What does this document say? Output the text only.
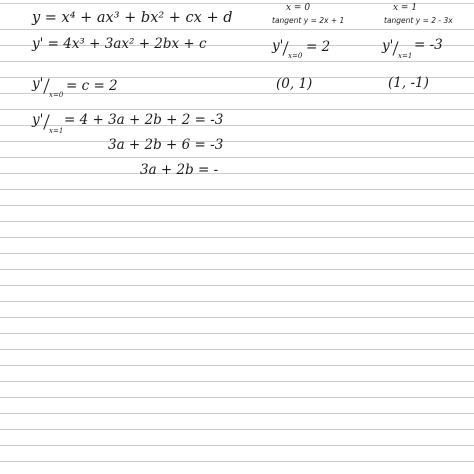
y = x⁴ + ax³ + bx² + cx + d
y' = 4x³ + 3ax² + 2bx + c
y'
x=0
= c = 2
y'
x=1
= 4 + 3a + 2b + 2 = -3
3a + 2b + 6 = -3
3a + 2b = -
x = 0
tangent y = 2x + 1
y'
x=0
= 2
(0, 1)
x = 1
tangent y = 2 - 3x
y'
x=1
= -3
(1, -1)
